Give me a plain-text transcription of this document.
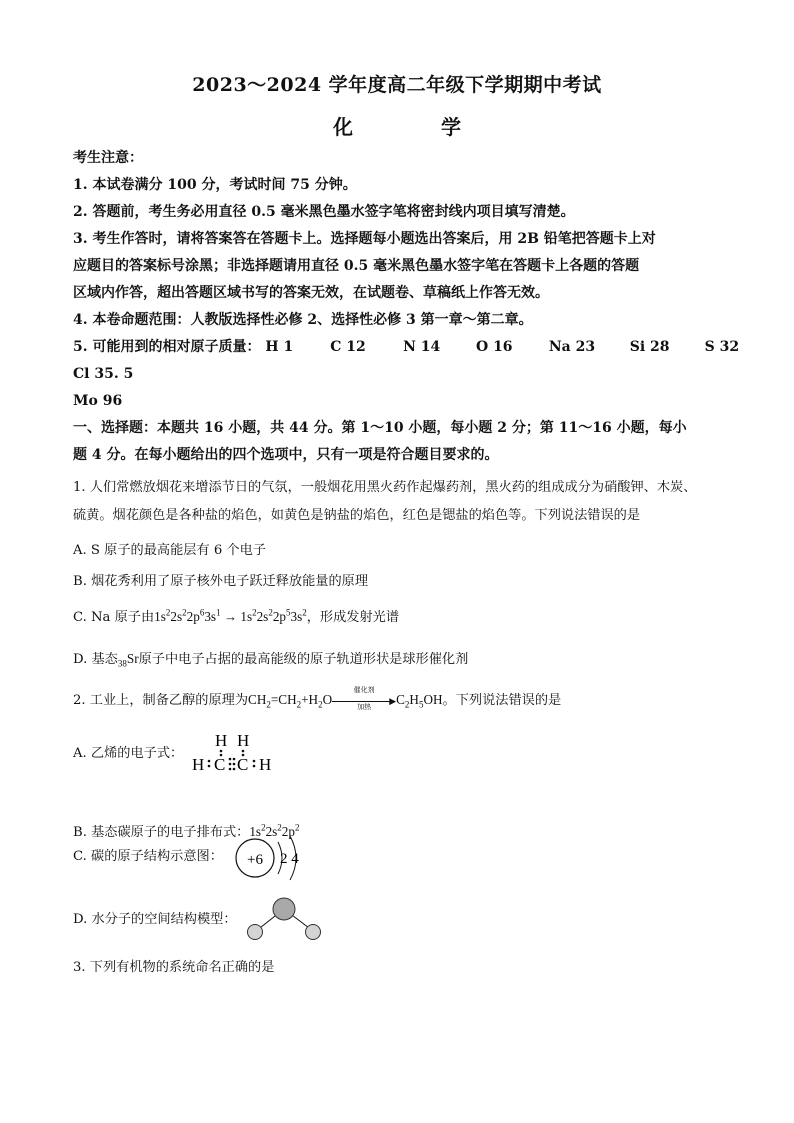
2023～2024 学年度高二年级下学期期中考试
化	学
考生注意：
1. 本试卷满分 100 分，考试时间 75 分钟。
2. 答题前，考生务必用直径 0.5 毫米黑色墨水签字笔将密封线内项目填写清楚。
3. 考生作答时，请将答案答在答题卡上。选择题每小题选出答案后，用 2B 铅笔把答题卡上对
应题目的答案标号涂黑；非选择题请用直径 0.5 毫米黑色墨水签字笔在答题卡上各题的答题
区域内作答，超出答题区域书写的答案无效，在试题卷、草稿纸上作答无效。
4. 本卷命题范围：人教版选择性必修 2、选择性必修 3 第一章～第二章。
5. 可能用到的相对原子质量： H 1	C 12	N 14	O 16	Na 23 Si 28	S 32
Cl 35. 5
Mo 96
一、选择题：本题共 16 小题，共 44 分。第 1～10 小题，每小题 2 分；第 11～16 小题，每小
题 4 分。在每小题给出的四个选项中，只有一项是符合题目要求的。
1. 人们常燃放烟花来增添节日的气氛，一般烟花用黑火药作起爆药剂，黑火药的组成成分为硝酸钾、木炭、
硫黄。烟花颜色是各种盐的焰色，如黄色是钠盐的焰色，红色是锶盐的焰色等。下列说法错误的是
A. S 原子的最高能层有 6 个电子
B. 烟花秀利用了原子核外电子跃迁释放能量的原理
C. Na 原子由$1s^22s^22p^63s^1 \to 1s^22s^22p^53s^2$，形成发射光谱
D. 基态$_{38}$Sr原子中电子占据的最高能级的原子轨道形状是球形催化剂
2. 工业上，制备乙醇的原理为$CH_2=CH_2+H_2O$
催化剂
▶
加热	$C_2H_5OH$。下列说法错误的是
A. 乙烯的电子式：
H H
H C C H
B. 基态碳原子的电子排布式：$1s^22s^22p^2$
C. 碳的原子结构示意图：	+6 2 4
D. 水分子的空间结构模型：
3. 下列有机物的系统命名正确的是
